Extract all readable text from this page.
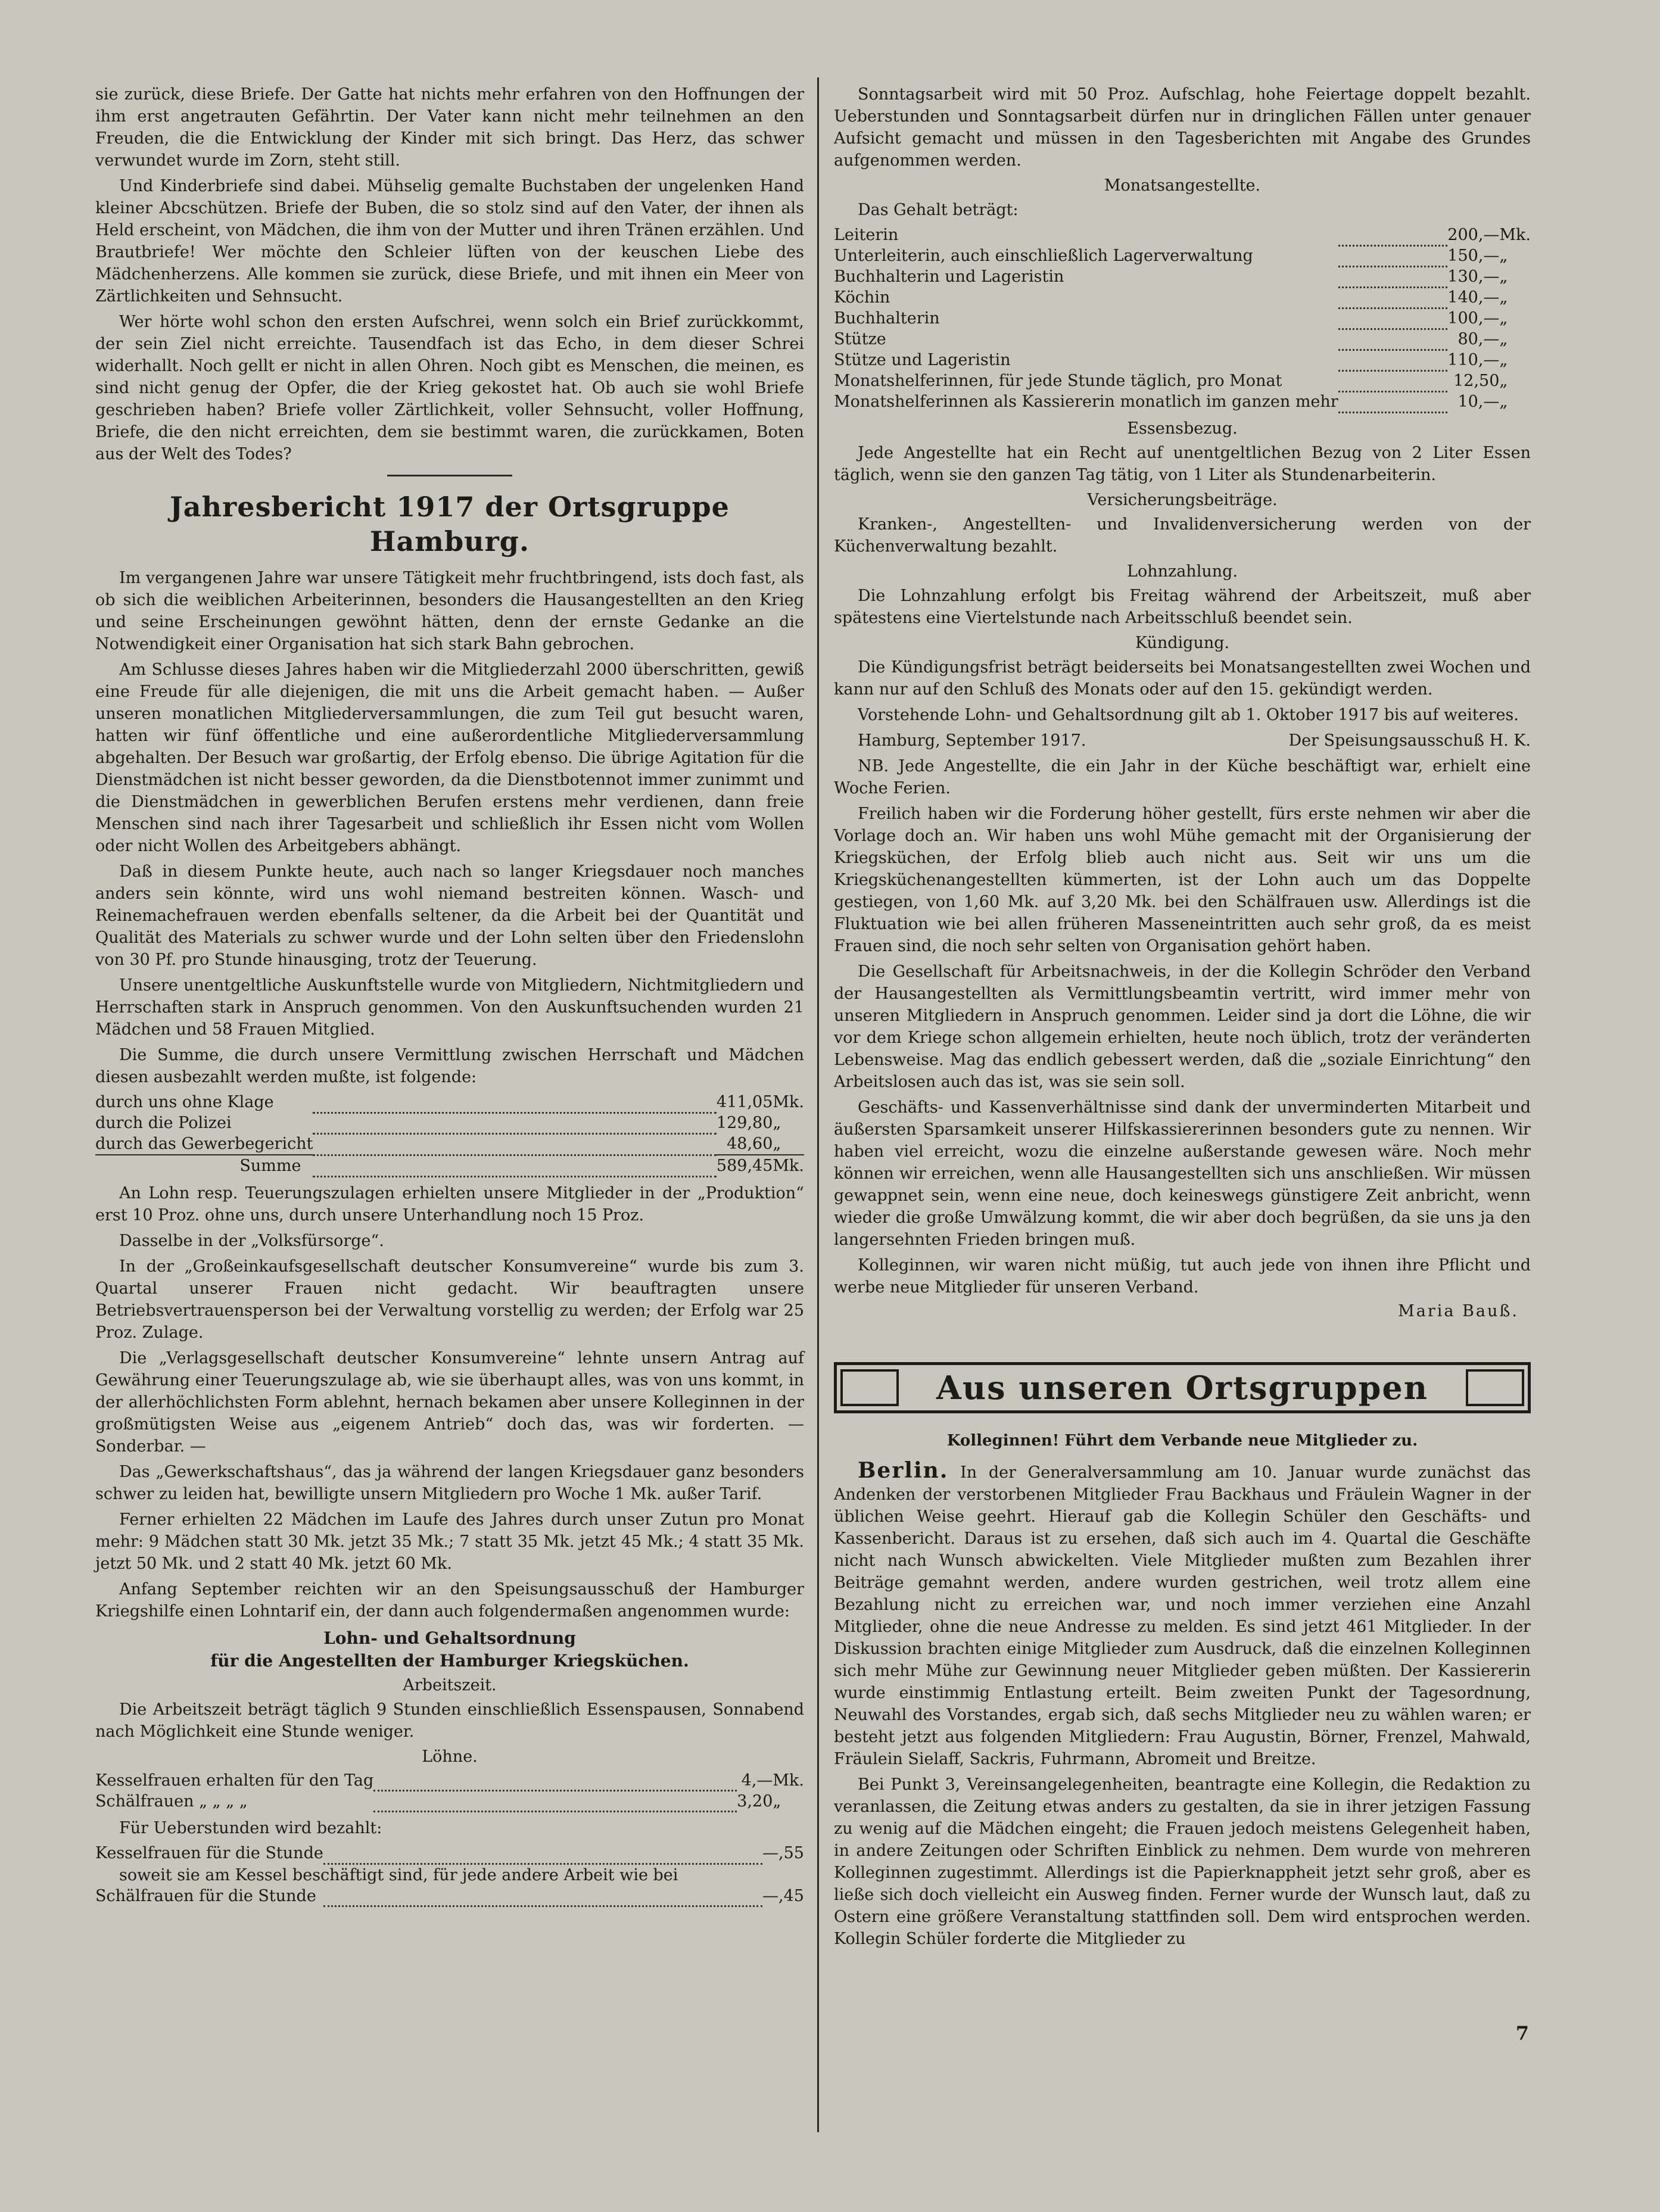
sie zurück, diese Briefe. Der Gatte hat nichts mehr erfahren von den Hoffnungen der ihm erst angetrauten Gefährtin. Der Vater kann nicht mehr teilnehmen an den Freuden, die die Entwicklung der Kinder mit sich bringt. Das Herz, das schwer verwundet wurde im Zorn, steht still.

Und Kinderbriefe sind dabei. Mühselig gemalte Buchstaben der ungelenken Hand kleiner Abcschützen. Briefe der Buben, die so stolz sind auf den Vater, der ihnen als Held erscheint, von Mädchen, die ihm von der Mutter und ihren Tränen erzählen. Und Brautbriefe! Wer möchte den Schleier lüften von der keuschen Liebe des Mädchenherzens. Alle kommen sie zurück, diese Briefe, und mit ihnen ein Meer von Zärtlichkeiten und Sehnsucht.

Wer hörte wohl schon den ersten Aufschrei, wenn solch ein Brief zurückkommt, der sein Ziel nicht erreichte. Tausendfach ist das Echo, in dem dieser Schrei widerhallt. Noch gellt er nicht in allen Ohren. Noch gibt es Menschen, die meinen, es sind nicht genug der Opfer, die der Krieg gekostet hat. Ob auch sie wohl Briefe geschrieben haben? Briefe voller Zärtlichkeit, voller Sehnsucht, voller Hoffnung, Briefe, die den nicht erreichten, dem sie bestimmt waren, die zurückkamen, Boten aus der Welt des Todes?

Jahresbericht 1917 der Ortsgruppe Hamburg.

Im vergangenen Jahre war unsere Tätigkeit mehr fruchtbringend, ists doch fast, als ob sich die weiblichen Arbeiterinnen, besonders die Hausangestellten an den Krieg und seine Erscheinungen gewöhnt hätten, denn der ernste Gedanke an die Notwendigkeit einer Organisation hat sich stark Bahn gebrochen.

Am Schlusse dieses Jahres haben wir die Mitgliederzahl 2000 überschritten, gewiß eine Freude für alle diejenigen, die mit uns die Arbeit gemacht haben. — Außer unseren monatlichen Mitgliederversammlungen, die zum Teil gut besucht waren, hatten wir fünf öffentliche und eine außerordentliche Mitgliederversammlung abgehalten. Der Besuch war großartig, der Erfolg ebenso. Die übrige Agitation für die Dienstmädchen ist nicht besser geworden, da die Dienstbotennot immer zunimmt und die Dienstmädchen in gewerblichen Berufen erstens mehr verdienen, dann freie Menschen sind nach ihrer Tagesarbeit und schließlich ihr Essen nicht vom Wollen oder nicht Wollen des Arbeitgebers abhängt.

Daß in diesem Punkte heute, auch nach so langer Kriegsdauer noch manches anders sein könnte, wird uns wohl niemand bestreiten können. Wasch- und Reinemachefrauen werden ebenfalls seltener, da die Arbeit bei der Quantität und Qualität des Materials zu schwer wurde und der Lohn selten über den Friedenslohn von 30 Pf. pro Stunde hinausging, trotz der Teuerung.

Unsere unentgeltliche Auskunftstelle wurde von Mitgliedern, Nichtmitgliedern und Herrschaften stark in Anspruch genommen. Von den Auskunftsuchenden wurden 21 Mädchen und 58 Frauen Mitglied.

Die Summe, die durch unsere Vermittlung zwischen Herrschaft und Mädchen diesen ausbezahlt werden mußte, ist folgende:

durch uns ohne Klage		411,05	Mk.
durch die Polizei		129,80	„
durch das Gewerbegericht		48,60	„
Summe		589,45	Mk.

An Lohn resp. Teuerungszulagen erhielten unsere Mitglieder in der „Produktion“ erst 10 Proz. ohne uns, durch unsere Unterhandlung noch 15 Proz.

Dasselbe in der „Volksfürsorge“.

In der „Großeinkaufsgesellschaft deutscher Konsumvereine“ wurde bis zum 3. Quartal unserer Frauen nicht gedacht. Wir beauftragten unsere Betriebsvertrauensperson bei der Verwaltung vorstellig zu werden; der Erfolg war 25 Proz. Zulage.

Die „Verlagsgesellschaft deutscher Konsumvereine“ lehnte unsern Antrag auf Gewährung einer Teuerungszulage ab, wie sie überhaupt alles, was von uns kommt, in der allerhöchlichsten Form ablehnt, hernach bekamen aber unsere Kolleginnen in der großmütigsten Weise aus „eigenem Antrieb“ doch das, was wir forderten. — Sonderbar. —

Das „Gewerkschaftshaus“, das ja während der langen Kriegsdauer ganz besonders schwer zu leiden hat, bewilligte unsern Mitgliedern pro Woche 1 Mk. außer Tarif.

Ferner erhielten 22 Mädchen im Laufe des Jahres durch unser Zutun pro Monat mehr: 9 Mädchen statt 30 Mk. jetzt 35 Mk.; 7 statt 35 Mk. jetzt 45 Mk.; 4 statt 35 Mk. jetzt 50 Mk. und 2 statt 40 Mk. jetzt 60 Mk.

Anfang September reichten wir an den Speisungsausschuß der Hamburger Kriegshilfe einen Lohntarif ein, der dann auch folgendermaßen angenommen wurde:

Lohn- und Gehaltsordnung
für die Angestellten der Hamburger Kriegsküchen.
Arbeitszeit.

Die Arbeitszeit beträgt täglich 9 Stunden einschließlich Essenspausen, Sonnabend nach Möglichkeit eine Stunde weniger.

Löhne.
Kesselfrauen erhalten für den Tag		4,—	Mk.
Schälfrauen „ „ „ „		3,20	„

Für Ueberstunden wird bezahlt:

Kesselfrauen für die Stunde		—,55	
soweit sie am Kessel beschäftigt sind, für jede andere Arbeit wie bei			
Schälfrauen für die Stunde		—,45	

Sonntagsarbeit wird mit 50 Proz. Aufschlag, hohe Feiertage doppelt bezahlt. Ueberstunden und Sonntagsarbeit dürfen nur in dringlichen Fällen unter genauer Aufsicht gemacht und müssen in den Tagesberichten mit Angabe des Grundes aufgenommen werden.

Monatsangestellte.

Das Gehalt beträgt:

Leiterin		200,—	Mk.
Unterleiterin, auch einschließlich Lagerverwaltung		150,—	„
Buchhalterin und Lageristin		130,—	„
Köchin		140,—	„
Buchhalterin		100,—	„
Stütze		80,—	„
Stütze und Lageristin		110,—	„
Monatshelferinnen, für jede Stunde täglich, pro Monat		12,50	„
Monatshelferinnen als Kassiererin monatlich im ganzen mehr		10,—	„
Essensbezug.

Jede Angestellte hat ein Recht auf unentgeltlichen Bezug von 2 Liter Essen täglich, wenn sie den ganzen Tag tätig, von 1 Liter als Stundenarbeiterin.

Versicherungsbeiträge.

Kranken-, Angestellten- und Invalidenversicherung werden von der Küchenverwaltung bezahlt.

Lohnzahlung.

Die Lohnzahlung erfolgt bis Freitag während der Arbeitszeit, muß aber spätestens eine Viertelstunde nach Arbeitsschluß beendet sein.

Kündigung.

Die Kündigungsfrist beträgt beiderseits bei Monatsangestellten zwei Wochen und kann nur auf den Schluß des Monats oder auf den 15. gekündigt werden.

Vorstehende Lohn- und Gehaltsordnung gilt ab 1. Oktober 1917 bis auf weiteres.

Hamburg, September 1917.	Der Speisungsausschuß H. K.

NB. Jede Angestellte, die ein Jahr in der Küche beschäftigt war, erhielt eine Woche Ferien.

Freilich haben wir die Forderung höher gestellt, fürs erste nehmen wir aber die Vorlage doch an. Wir haben uns wohl Mühe gemacht mit der Organisierung der Kriegsküchen, der Erfolg blieb auch nicht aus. Seit wir uns um die Kriegsküchenangestellten kümmerten, ist der Lohn auch um das Doppelte gestiegen, von 1,60 Mk. auf 3,20 Mk. bei den Schälfrauen usw. Allerdings ist die Fluktuation wie bei allen früheren Masseneintritten auch sehr groß, da es meist Frauen sind, die noch sehr selten von Organisation gehört haben.

Die Gesellschaft für Arbeitsnachweis, in der die Kollegin Schröder den Verband der Hausangestellten als Vermittlungsbeamtin vertritt, wird immer mehr von unseren Mitgliedern in Anspruch genommen. Leider sind ja dort die Löhne, die wir vor dem Kriege schon allgemein erhielten, heute noch üblich, trotz der veränderten Lebensweise. Mag das endlich gebessert werden, daß die „soziale Einrichtung“ den Arbeitslosen auch das ist, was sie sein soll.

Geschäfts- und Kassenverhältnisse sind dank der unverminderten Mitarbeit und äußersten Sparsamkeit unserer Hilfskassiererinnen besonders gute zu nennen. Wir haben viel erreicht, wozu die einzelne außerstande gewesen wäre. Noch mehr können wir erreichen, wenn alle Hausangestellten sich uns anschließen. Wir müssen gewappnet sein, wenn eine neue, doch keineswegs günstigere Zeit anbricht, wenn wieder die große Umwälzung kommt, die wir aber doch begrüßen, da sie uns ja den langersehnten Frieden bringen muß.

Kolleginnen, wir waren nicht müßig, tut auch jede von ihnen ihre Pflicht und werbe neue Mitglieder für unseren Verband.

Maria Bauß.
Aus unseren Ortsgruppen
Kolleginnen! Führt dem Verbande neue Mitglieder zu.

Berlin. In der Generalversammlung am 10. Januar wurde zunächst das Andenken der verstorbenen Mitglieder Frau Backhaus und Fräulein Wagner in der üblichen Weise geehrt. Hierauf gab die Kollegin Schüler den Geschäfts- und Kassenbericht. Daraus ist zu ersehen, daß sich auch im 4. Quartal die Geschäfte nicht nach Wunsch abwickelten. Viele Mitglieder mußten zum Bezahlen ihrer Beiträge gemahnt werden, andere wurden gestrichen, weil trotz allem eine Bezahlung nicht zu erreichen war, und noch immer verziehen eine Anzahl Mitglieder, ohne die neue Andresse zu melden. Es sind jetzt 461 Mitglieder. In der Diskussion brachten einige Mitglieder zum Ausdruck, daß die einzelnen Kolleginnen sich mehr Mühe zur Gewinnung neuer Mitglieder geben müßten. Der Kassiererin wurde einstimmig Entlastung erteilt. Beim zweiten Punkt der Tagesordnung, Neuwahl des Vorstandes, ergab sich, daß sechs Mitglieder neu zu wählen waren; er besteht jetzt aus folgenden Mitgliedern: Frau Augustin, Börner, Frenzel, Mahwald, Fräulein Sielaff, Sackris, Fuhrmann, Abromeit und Breitze.

Bei Punkt 3, Vereinsangelegenheiten, beantragte eine Kollegin, die Redaktion zu veranlassen, die Zeitung etwas anders zu gestalten, da sie in ihrer jetzigen Fassung zu wenig auf die Mädchen eingeht; die Frauen jedoch meistens Gelegenheit haben, in andere Zeitungen oder Schriften Einblick zu nehmen. Dem wurde von mehreren Kolleginnen zugestimmt. Allerdings ist die Papierknappheit jetzt sehr groß, aber es ließe sich doch vielleicht ein Ausweg finden. Ferner wurde der Wunsch laut, daß zu Ostern eine größere Veranstaltung stattfinden soll. Dem wird entsprochen werden. Kollegin Schüler forderte die Mitglieder zu

7
